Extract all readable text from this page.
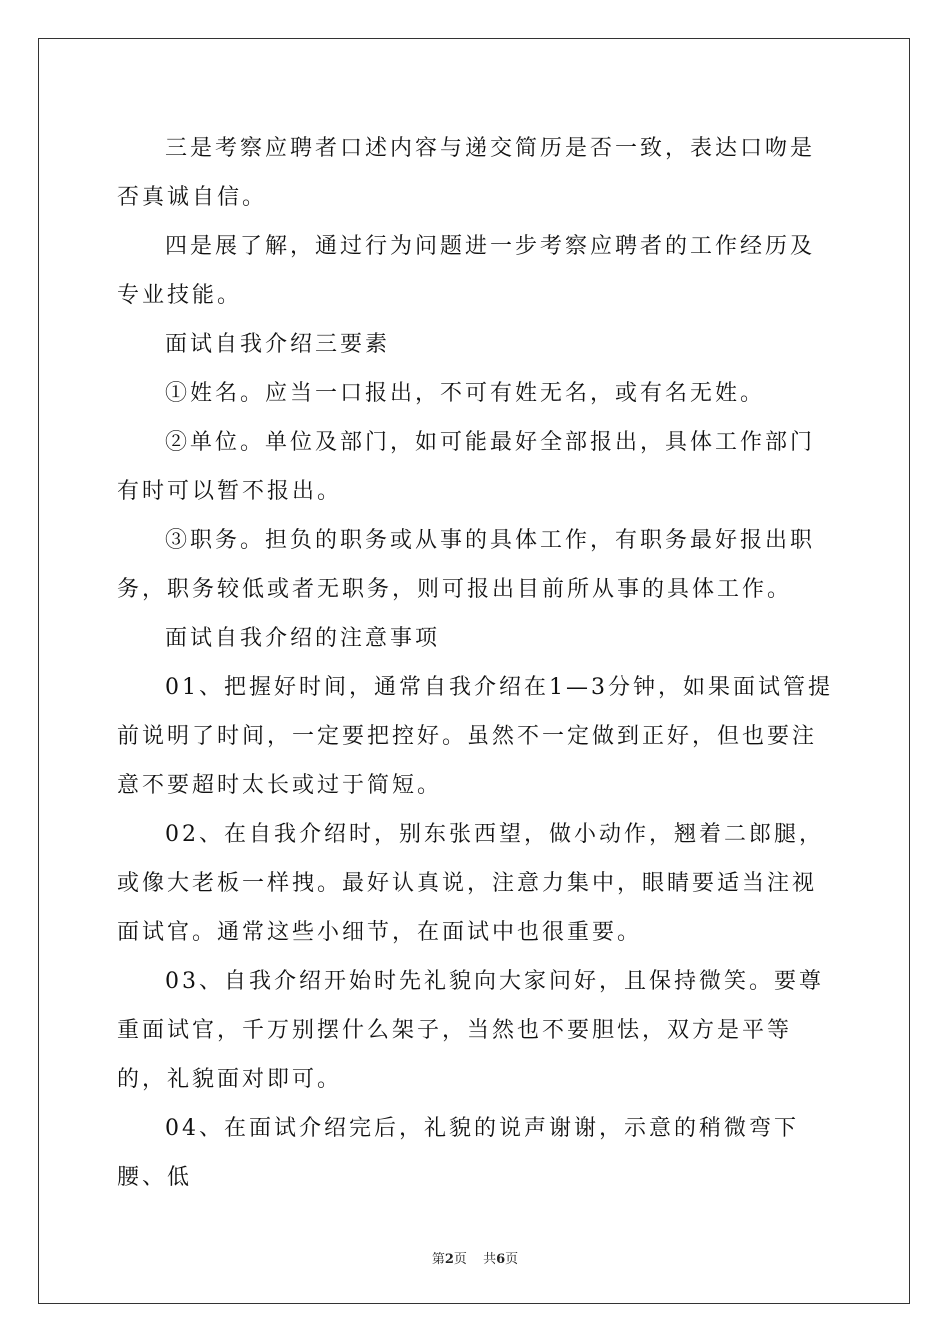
三是考察应聘者口述内容与递交简历是否一致，表达口吻是否真诚自信。

四是展了解，通过行为问题进一步考察应聘者的工作经历及专业技能。

面试自我介绍三要素

①姓名。应当一口报出，不可有姓无名，或有名无姓。

②单位。单位及部门，如可能最好全部报出，具体工作部门有时可以暂不报出。

③职务。担负的职务或从事的具体工作，有职务最好报出职务，职务较低或者无职务，则可报出目前所从事的具体工作。

面试自我介绍的注意事项

01、把握好时间，通常自我介绍在1—3分钟，如果面试管提前说明了时间，一定要把控好。虽然不一定做到正好，但也要注意不要超时太长或过于简短。

02、在自我介绍时，别东张西望，做小动作，翘着二郎腿，或像大老板一样拽。最好认真说，注意力集中，眼睛要适当注视面试官。通常这些小细节，在面试中也很重要。

03、自我介绍开始时先礼貌向大家问好，且保持微笑。要尊重面试官，千万别摆什么架子，当然也不要胆怯，双方是平等的，礼貌面对即可。

04、在面试介绍完后，礼貌的说声谢谢，示意的稍微弯下腰、低

第2页 共6页
